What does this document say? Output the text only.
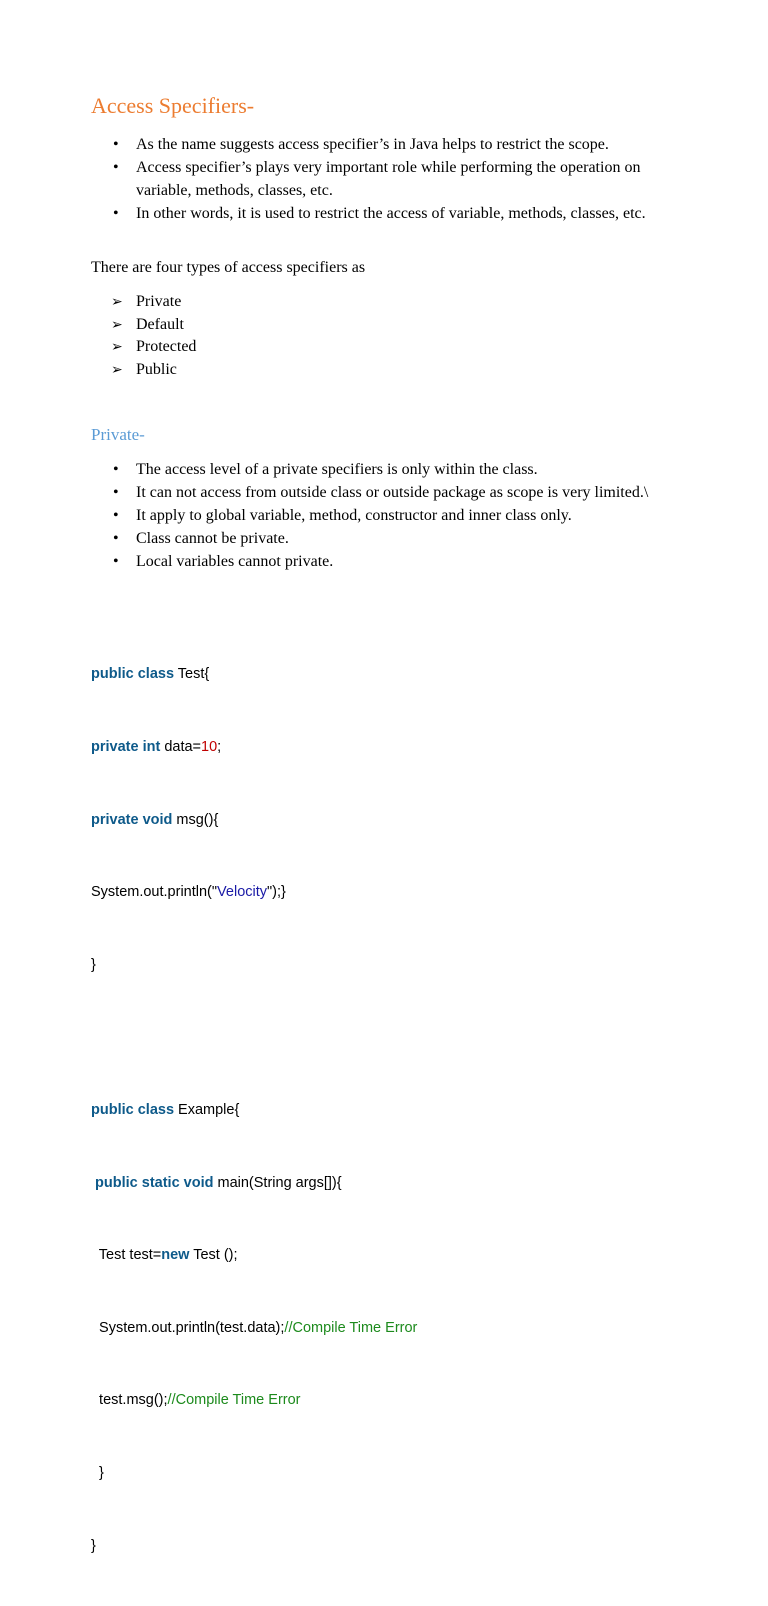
Access Specifiers-
• As the name suggests access specifier’s in Java helps to restrict the scope.
• Access specifier’s plays very important role while performing the operation on variable, methods, classes, etc.
• In other words, it is used to restrict the access of variable, methods, classes, etc.

There are four types of access specifiers as

➢ Private
➢ Default
➢ Protected
➢ Public
Private-
• The access level of a private specifiers is only within the class.
• It can not access from outside class or outside package as scope is very limited.\
• It apply to global variable, method, constructor and inner class only.
• Class cannot be private.
• Local variables cannot private.

public class Test{

private int data=10;

private void msg(){

System.out.println("Velocity");}

}

public class Example{

public static void main(String args[]){

Test test=new Test ();

System.out.println(test.data);//Compile Time Error

test.msg();//Compile Time Error

}

}
